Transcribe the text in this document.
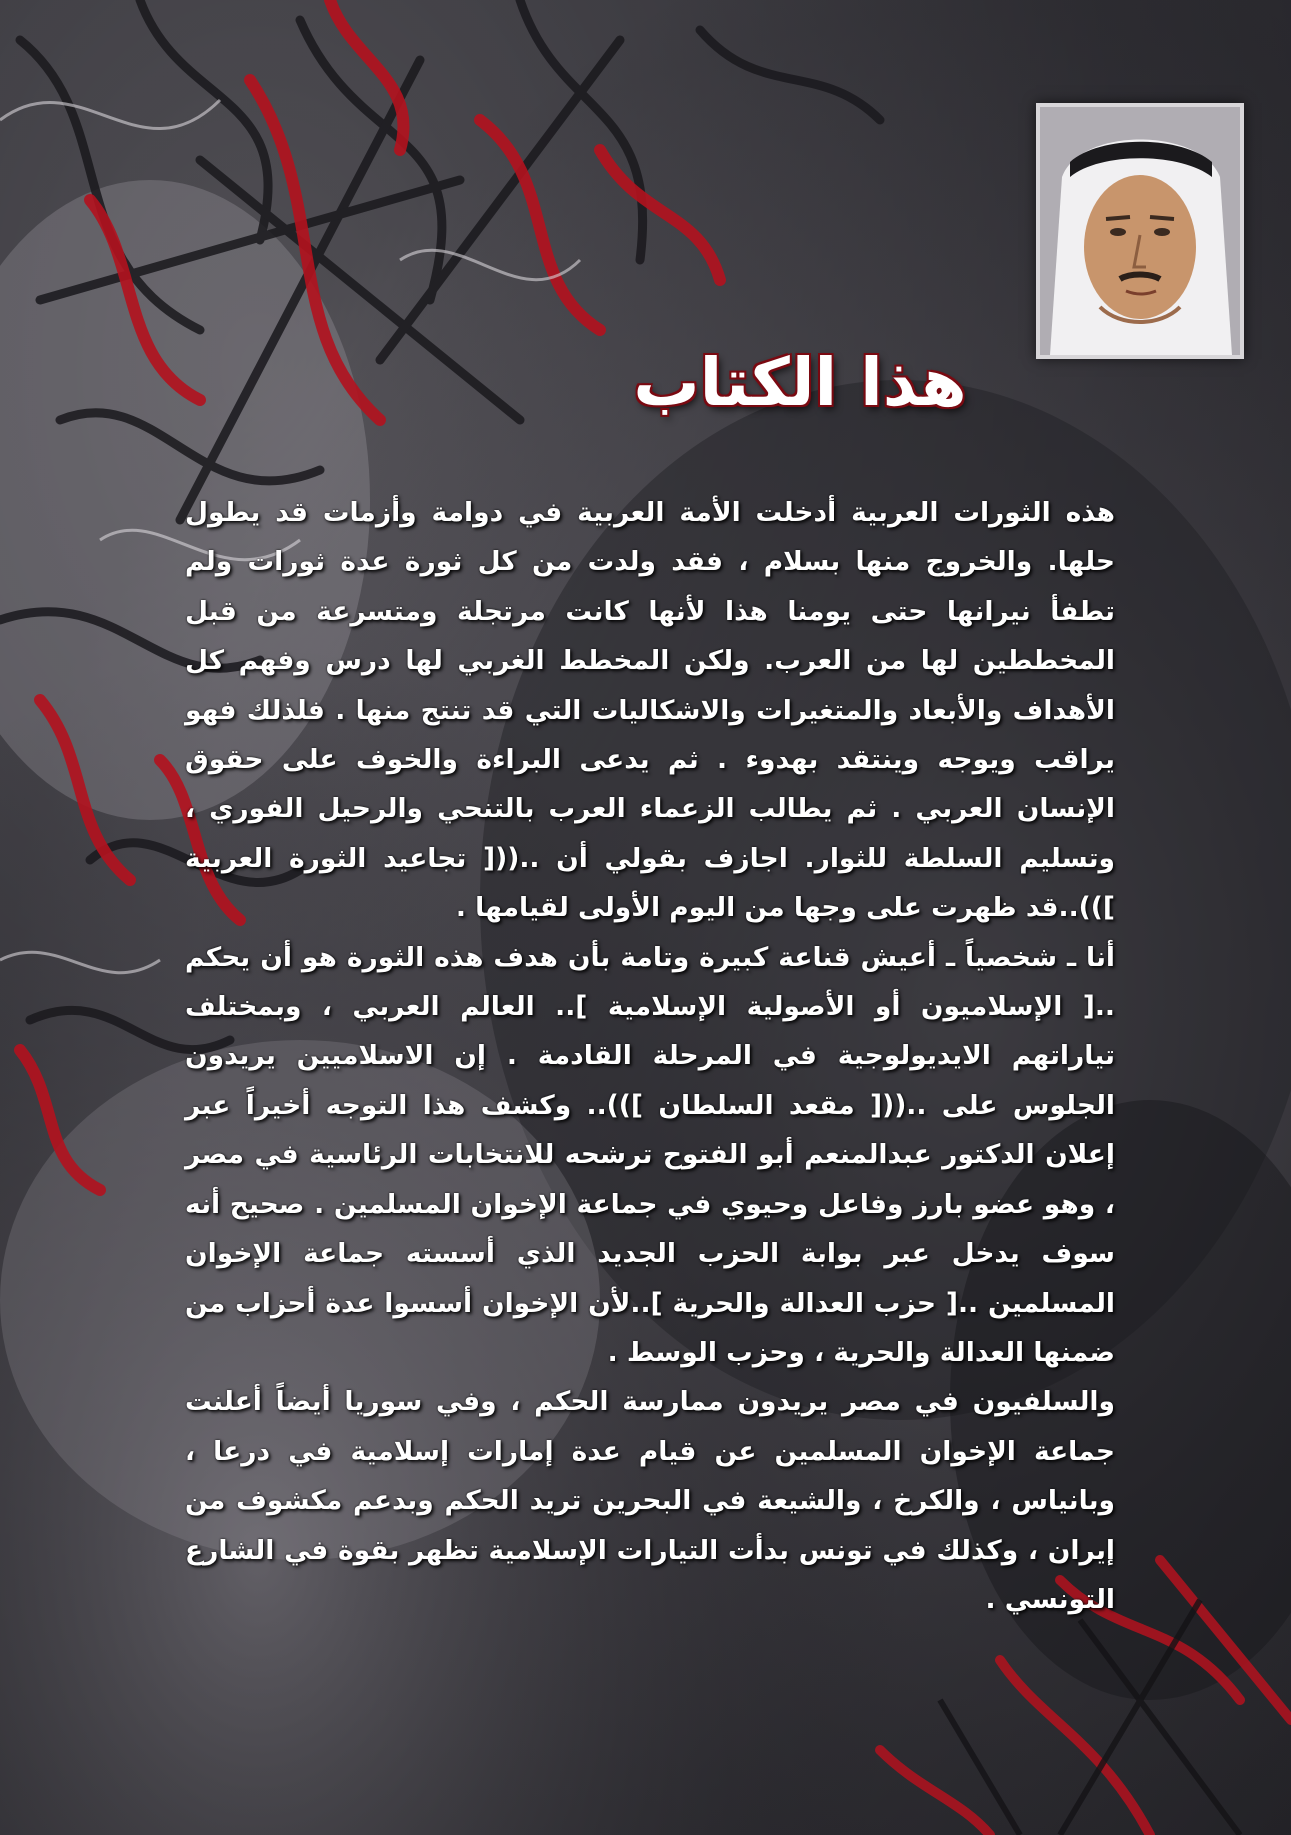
هذا الكتاب

هذه الثورات العربية أدخلت الأمة العربية في دوامة وأزمات قد يطول حلها. والخروج منها بسلام ، فقد ولدت من كل ثورة عدة ثورات ولم تطفأ نيرانها حتى يومنا هذا لأنها كانت مرتجلة ومتسرعة من قبل المخططين لها من العرب. ولكن المخطط الغربي لها درس وفهم كل الأهداف والأبعاد والمتغيرات والاشكاليات التي قد تنتج منها . فلذلك فهو يراقب ويوجه وينتقد بهدوء . ثم يدعى البراءة والخوف على حقوق الإنسان العربي . ثم يطالب الزعماء العرب بالتنحي والرحيل الفوري ، وتسليم السلطة للثوار. اجازف بقولي أن ..(([ تجاعيد الثورة العربية ]))..قد ظهرت على وجها من اليوم الأولى لقيامها .

أنا ـ شخصياً ـ أعيش قناعة كبيرة وتامة بأن هدف هذه الثورة هو أن يحكم ..[ الإسلاميون أو الأصولية الإسلامية ].. العالم العربي ، وبمختلف تياراتهم الايديولوجية في المرحلة القادمة . إن الاسلاميين يريدون الجلوس على ..(([ مقعد السلطان ])).. وكشف هذا التوجه أخيراً عبر إعلان الدكتور عبدالمنعم أبو الفتوح ترشحه للانتخابات الرئاسية في مصر ، وهو عضو بارز وفاعل وحيوي في جماعة الإخوان المسلمين . صحيح أنه سوف يدخل عبر بوابة الحزب الجديد الذي أسسته جماعة الإخوان المسلمين ..[ حزب العدالة والحرية ]..لأن الإخوان أسسوا عدة أحزاب من ضمنها العدالة والحرية ، وحزب الوسط .

والسلفيون في مصر يريدون ممارسة الحكم ، وفي سوريا أيضاً أعلنت جماعة الإخوان المسلمين عن قيام عدة إمارات إسلامية في درعا ، وبانياس ، والكرخ ، والشيعة في البحرين تريد الحكم وبدعم مكشوف من إيران ، وكذلك في تونس بدأت التيارات الإسلامية تظهر بقوة في الشارع التونسي .
